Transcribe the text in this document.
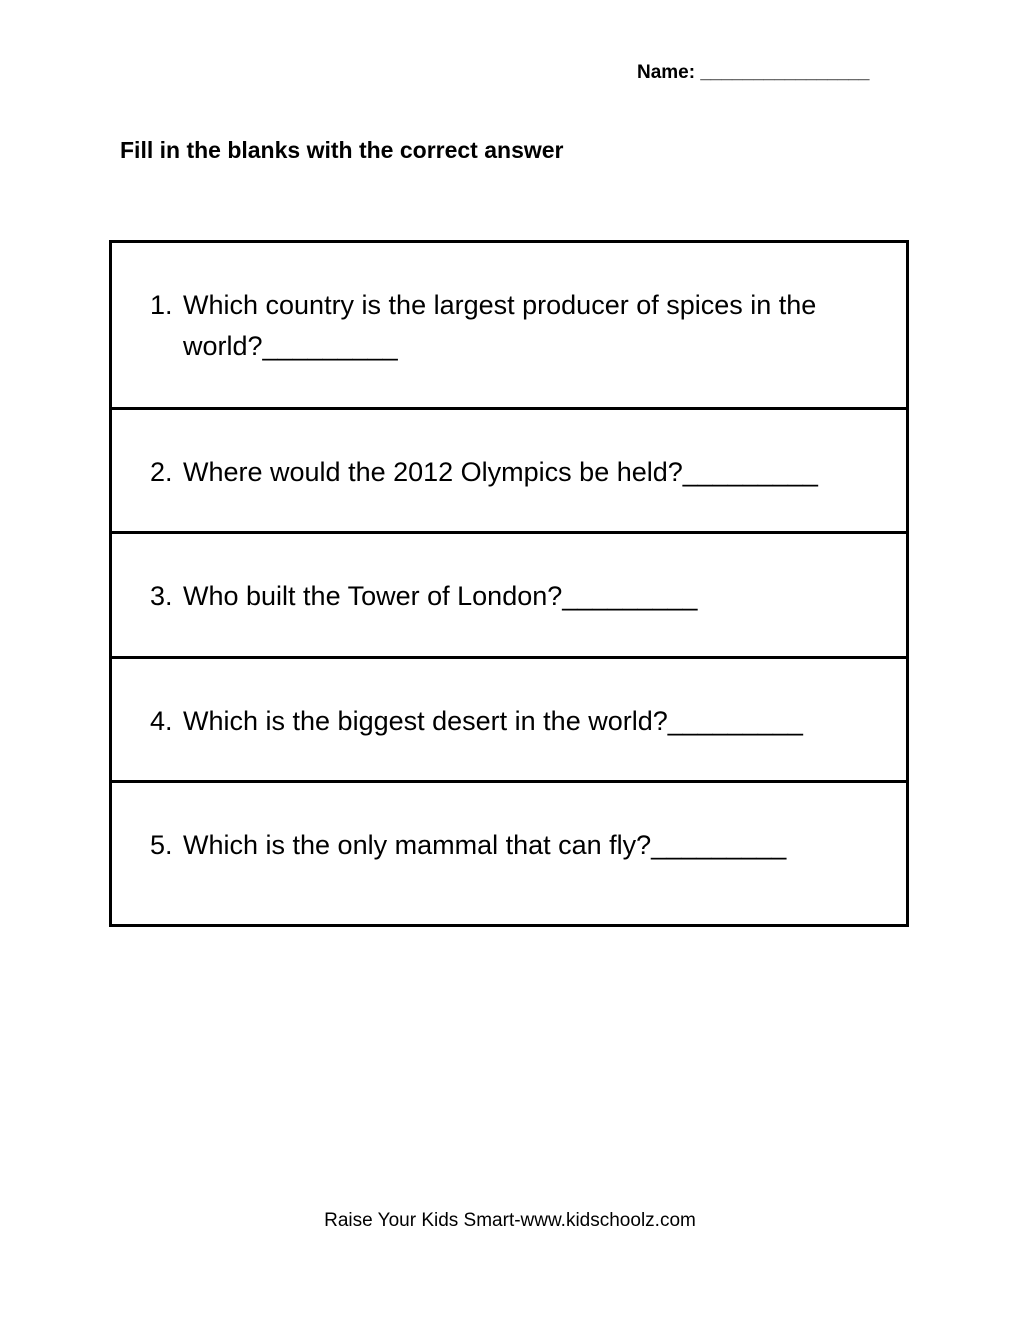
Name: ________________
Fill in the blanks with the correct answer
1. Which country is the largest producer of spices in the world?_________
2. Where would the 2012 Olympics be held?_________
3. Who built the Tower of London?_________
4. Which is the biggest desert in the world?_________
5. Which is the only mammal that can fly?_________
Raise Your Kids Smart-www.kidschoolz.com
